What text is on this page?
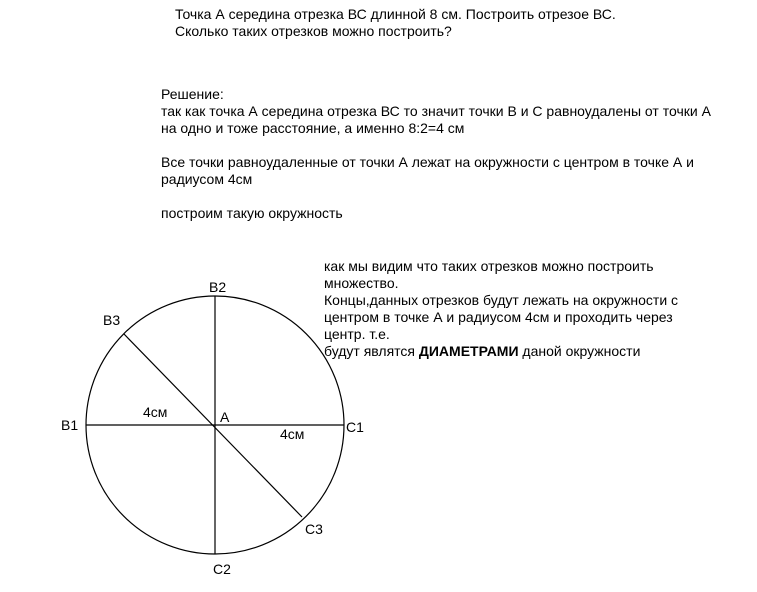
Точка А середина отрезка ВС длинной 8 см. Построить отрезое ВС.
Сколько таких отрезков можно построить?
Решение:
так как точка А середина отрезка ВС то значит точки В и С равноудалены от точки А
на одно и тоже расстояние, а именно 8:2=4 см
Все точки равноудаленные от точки А лежат на окружности с центром в точке А и
радиусом 4см
построим такую окружность
как мы видим что таких отрезков можно построить
множество.
Концы,данных отрезков будут лежать на окружности с
центром в точке А и радиусом 4см и проходить через
центр. т.е.
будут являтся ДИАМЕТРАМИ даной окружности
A
B1
B2
B3
C1
C2
C3
4см
4см
